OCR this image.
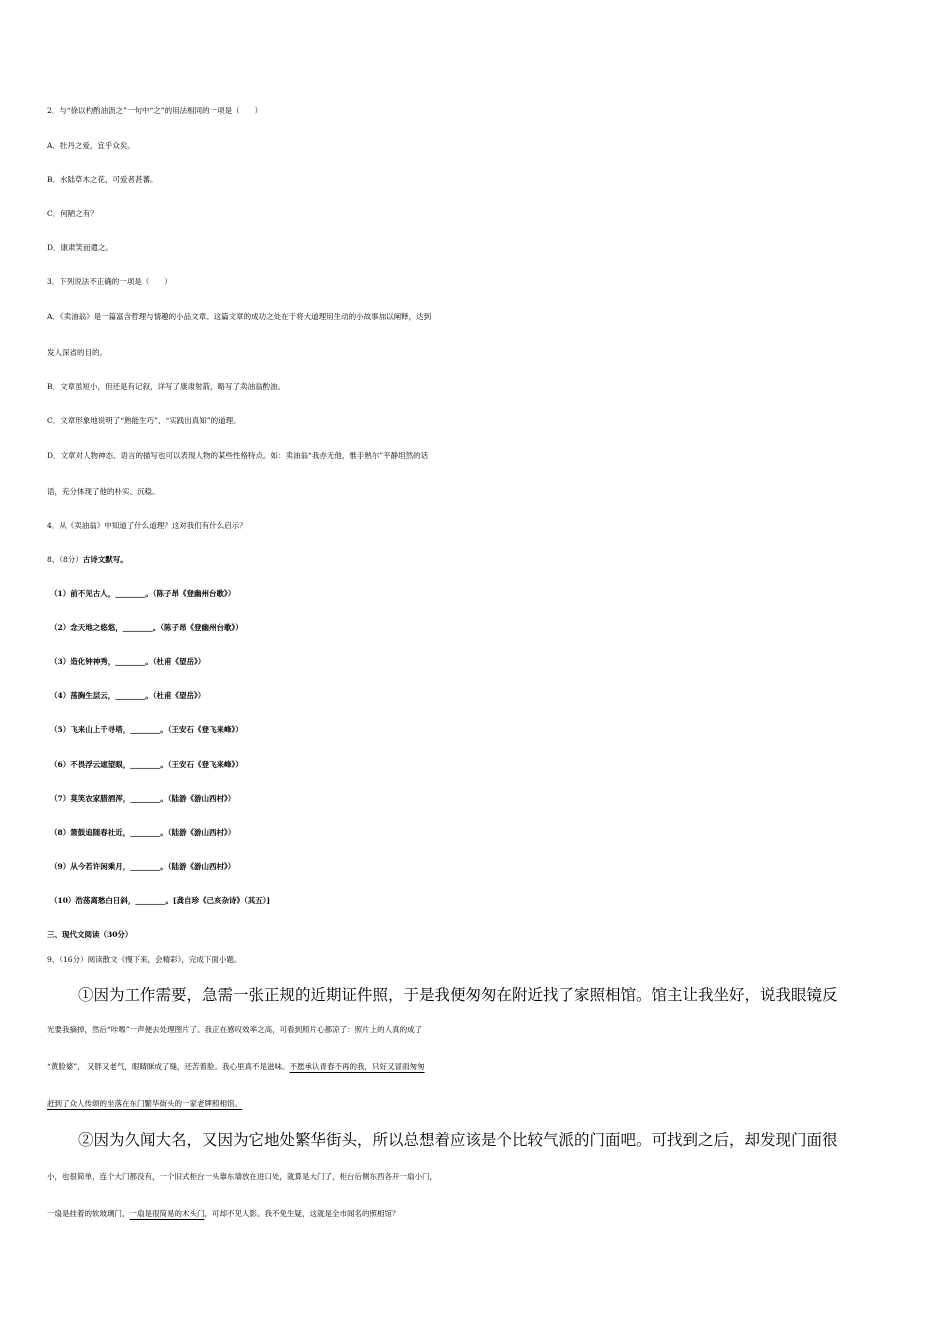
2．与“徐以杓酌油沥之”一句中“之”的用法相同的一项是（　　）
A．牡丹之爱，宜乎众矣。
B．水陆草木之花，可爱者甚蕃。
C．何陋之有？
D．康肃笑而遣之。
3．下列说法不正确的一项是（　　）
A．《卖油翁》是一篇富含哲理与情趣的小品文章。这篇文章的成功之处在于将大道理用生动的小故事加以阐释，达到
发人深省的目的。
B．文章虽短小，但还是有记叙，详写了康肃射箭，略写了卖油翁酌油。
C．文章形象地说明了“熟能生巧”、“实践出真知”的道理。
D．文章对人物神态、语言的描写也可以表现人物的某些性格特点。如：卖油翁“我亦无他，惟手熟尔”平静坦然的话
语，充分体现了他的朴实、沉稳。
4．从《卖油翁》中知道了什么道理？这对我们有什么启示？
8、（8分）古诗文默写。
（1）前不见古人，________。（陈子昂《登幽州台歌》）
（2）念天地之悠悠，________。（陈子昂《登幽州台歌》）
（3）造化钟神秀，________。（杜甫《望岳》）
（4）荡胸生层云，________。（杜甫《望岳》）
（5）飞来山上千寻塔，________。（王安石《登飞来峰》）
（6）不畏浮云遮望眼，________。（王安石《登飞来峰》）
（7）莫笑农家腊酒浑，________。（陆游《游山西村》）
（8）箫鼓追随春社近，________。（陆游《游山西村》）
（9）从今若许闲乘月，________。（陆游《游山西村》）
（10）浩荡离愁白日斜，________。[龚自珍《己亥杂诗》（其五）]
三、现代文阅读（30分）
9、（16分）阅读散文《慢下来，会精彩》，完成下面小题。
①因为工作需要，急需一张正规的近期证件照，于是我便匆匆在附近找了家照相馆。馆主让我坐好，说我眼镜反
光要我摘掉，然后“咔嚓”一声便去处理图片了。我正在感叹效率之高，可看到照片心都凉了：照片上的人真的成了
“黄脸婆”， 又胖又老气，眼睛眯成了缝，还苦着脸。我心里真不是滋味。不愿承认青春不再的我，只好又冒雨匆匆
赶到了众人传颂的坐落在东门繁华街头的一家老牌照相馆。
②因为久闻大名，又因为它地处繁华街头，所以总想着应该是个比较气派的门面吧。可找到之后，却发现门面很
小，也很简单，连个大门都没有，一个旧式柜台一头靠东墙放在进口处，就算是大门了，柜台后侧东西各开一扇小门，
一扇是挂着的软玻璃门，一扇是很简易的木头门，可却不见人影。我不免生疑，这就是全市闻名的照相馆？
